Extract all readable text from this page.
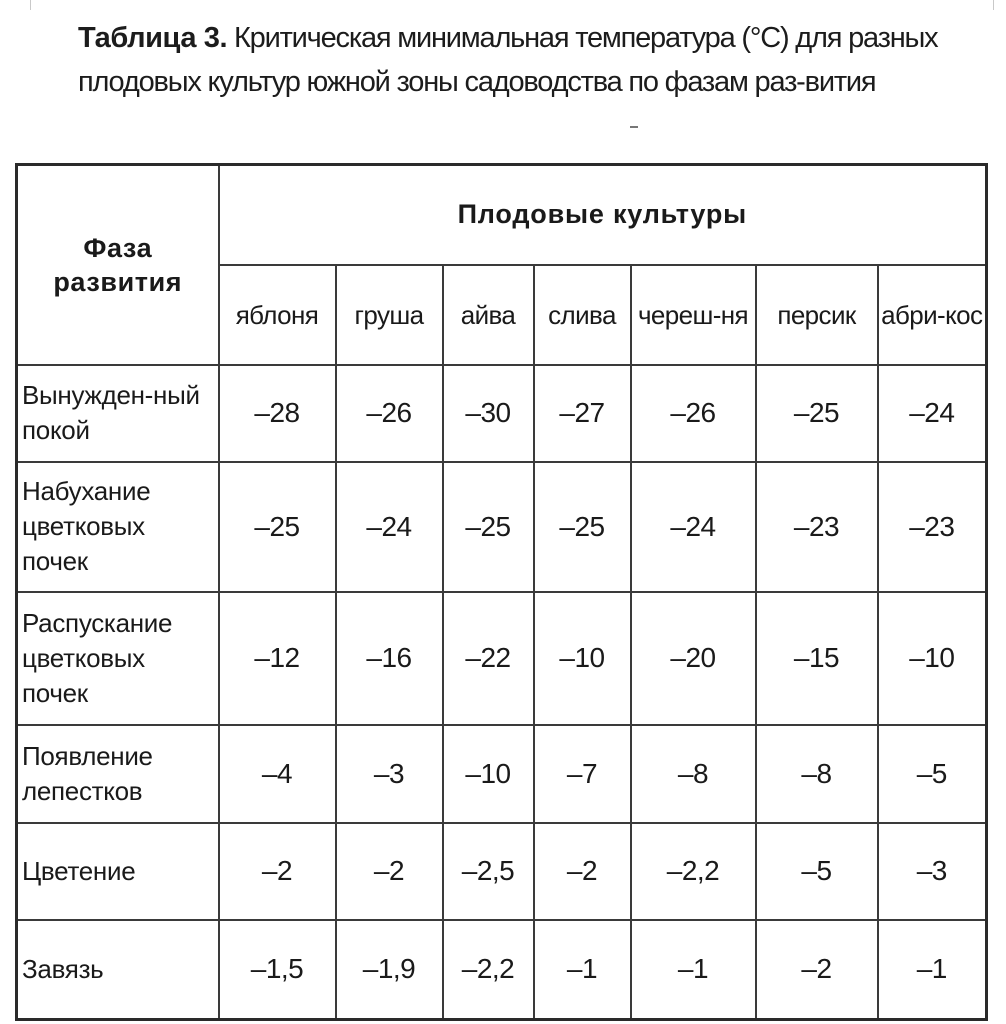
Таблица 3. Критическая минимальная температура (°С) для разных плодовых культур южной зоны садоводства по фазам раз-вития
Фаза развития	Плодовые культуры						
	яблоня	груша	айва	слива	череш-ня	персик	абри-кос
Вынужден-ный покой	–28	–26	–30	–27	–26	–25	–24
Набухание цветковых почек	–25	–24	–25	–25	–24	–23	–23
Распускание цветковых почек	–12	–16	–22	–10	–20	–15	–10
Появление лепестков	–4	–3	–10	–7	–8	–8	–5
Цветение	–2	–2	–2,5	–2	–2,2	–5	–3
Завязь	–1,5	–1,9	–2,2	–1	–1	–2	–1
